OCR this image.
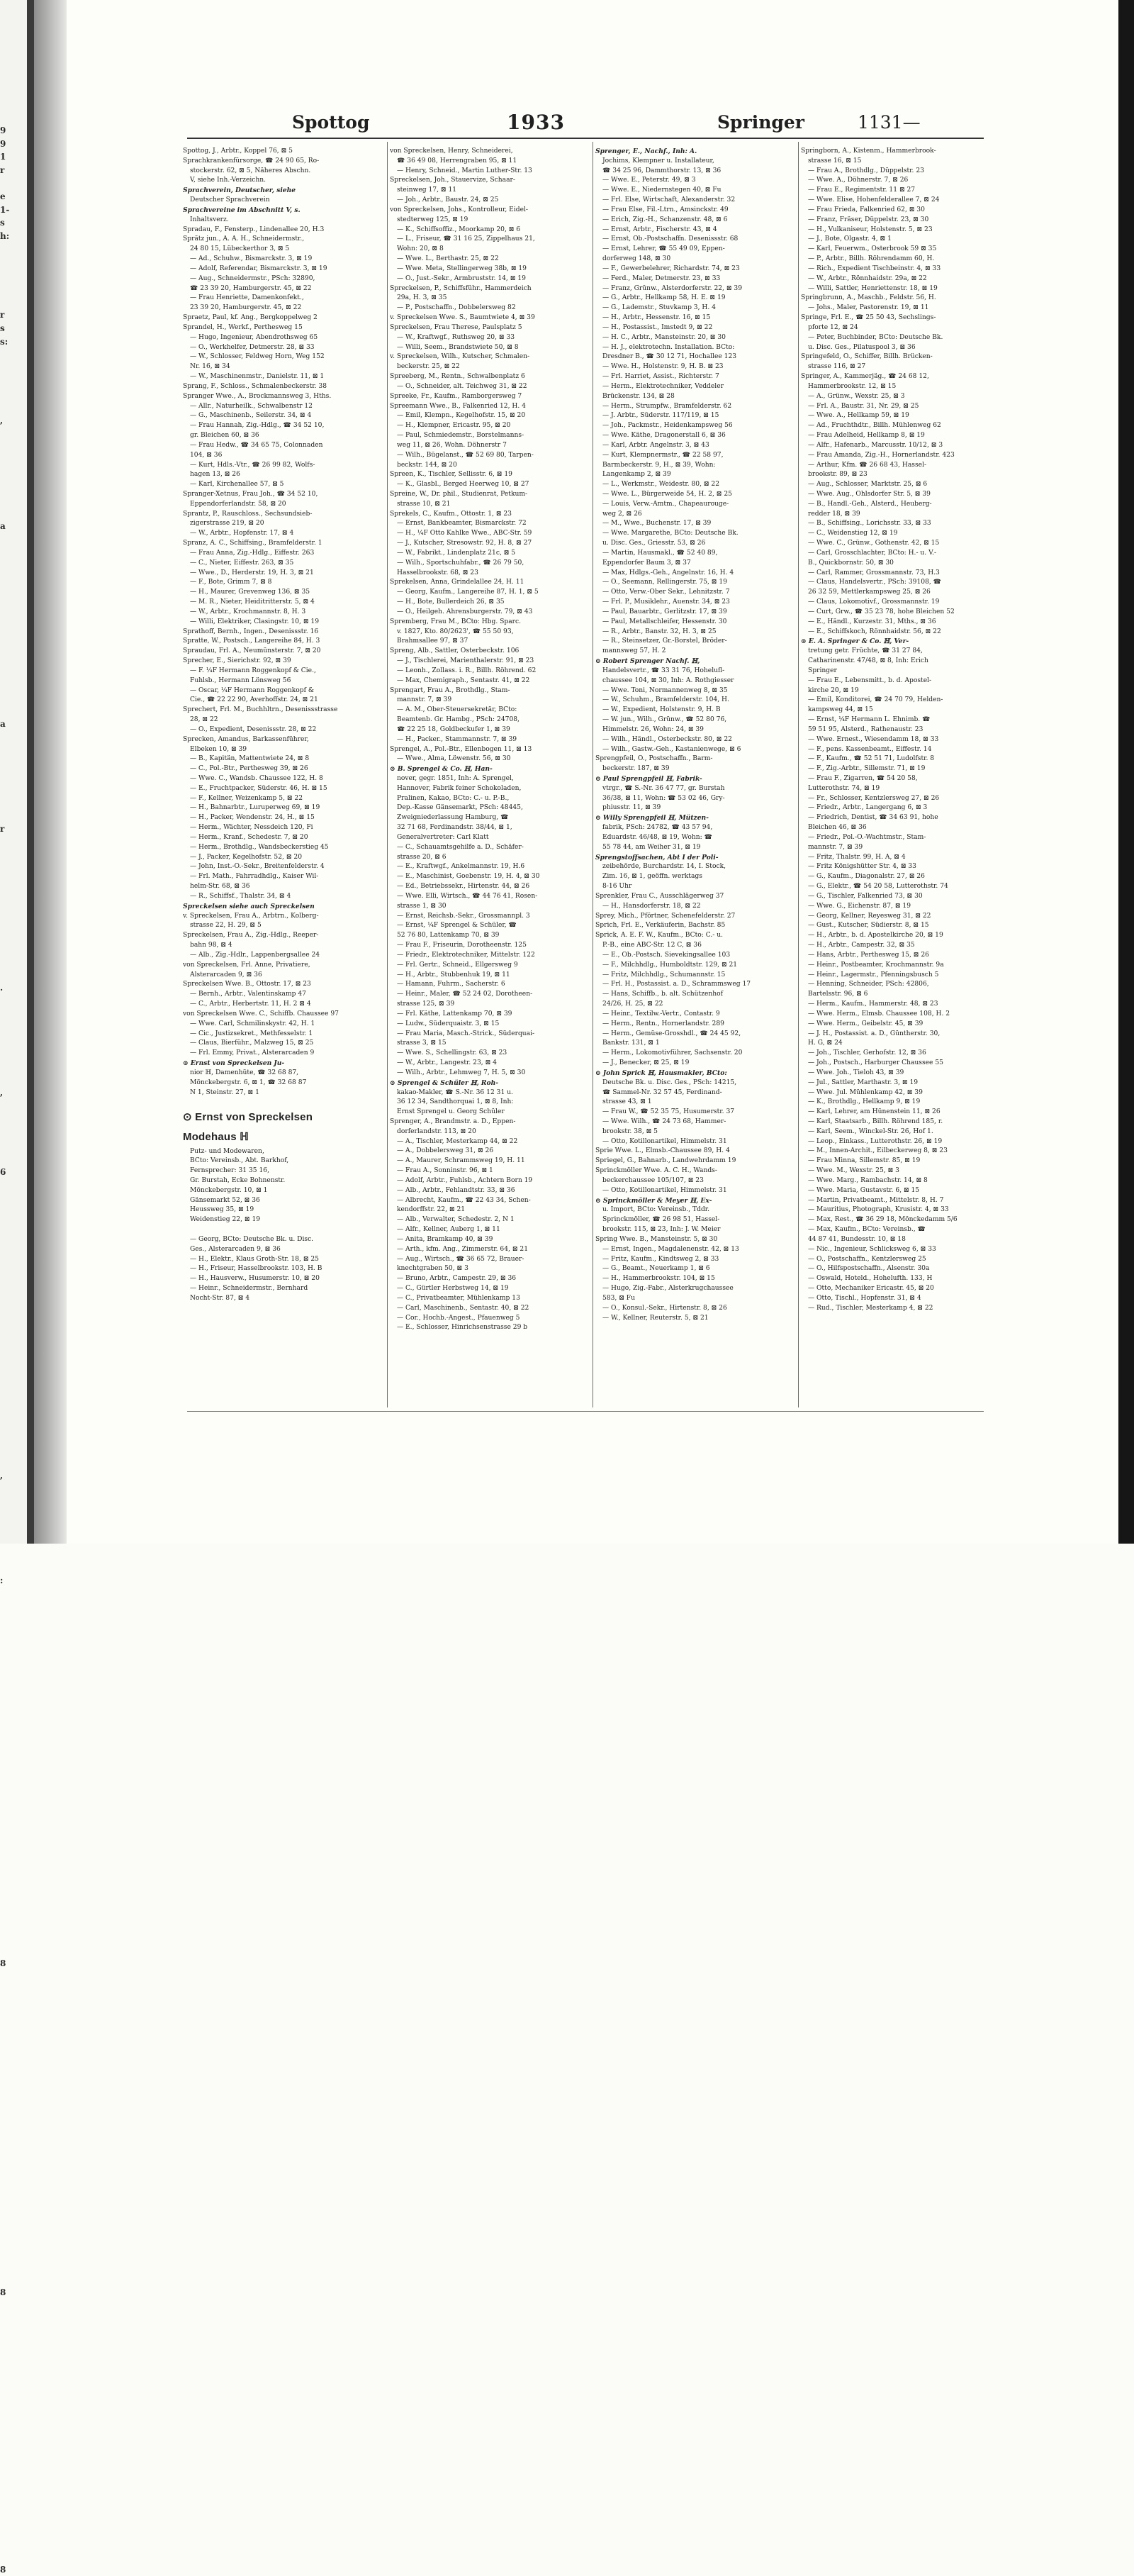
9
9
1
r
e
1-
s
h:
r
s
s:
,
a
a
r
.
,
6
,
:
8
8
8
Spottog	1933	Springer	1131—
Spottog, J., Arbtr., Koppel 76, ⊠ 5
Sprachkrankenfürsorge, ☎ 24 90 65, Ro-
stockerstr. 62, ⊠ 5, Näheres Abschn.
V, siehe Inh.-Verzeichn.
Sprachverein, Deutscher, siehe
Deutscher Sprachverein
Sprachvereine im Abschnitt V, s.
Inhaltsverz.
Spradau, F., Fensterp., Lindenallee 20, H.3
Sprätz jun., A. A. H., Schneidermstr.,
24 80 15, Lübeckerthor 3, ⊠ 5
— Ad., Schuhw., Bismarckstr. 3, ⊠ 19
— Adolf, Referendar, Bismarckstr. 3, ⊠ 19
— Aug., Schneidermstr., PSch: 32890,
☎ 23 39 20, Hamburgerstr. 45, ⊠ 22
— Frau Henriette, Damenkonfekt.,
23 39 20, Hamburgerstr. 45, ⊠ 22
Spraetz, Paul, kf. Ang., Bergkoppelweg 2
Sprandel, H., Werkf., Perthesweg 15
— Hugo, Ingenieur, Abendrothsweg 65
— O., Werkhelfer, Detmerstr. 28, ⊠ 33
— W., Schlosser, Feldweg Horn, Weg 152
Nr. 16, ⊠ 34
— W., Maschinenmstr., Danielstr. 11, ⊠ 1
Sprang, F., Schloss., Schmalenbeckerstr. 38
Spranger Wwe., A., Brockmannsweg 3, Hths.
— Allr., Naturheilk., Schwalbenstr 12
— G., Maschinenb., Seilerstr. 34, ⊠ 4
— Frau Hannah, Zig.-Hdlg., ☎ 34 52 10,
gr. Bleichen 60, ⊠ 36
— Frau Hedw., ☎ 34 65 75, Colonnaden
104, ⊠ 36
— Kurt, Hdls.-Vtr., ☎ 26 99 82, Wolfs-
hagen 13, ⊠ 26
— Karl, Kirchenallee 57, ⊠ 5
Spranger-Xetnus, Frau Joh., ☎ 34 52 10,
Eppendorferlandstr. 58, ⊠ 20
Sprantz, P., Rauschloss., Sechsundsieb-
zigerstrasse 219, ⊠ 20
— W., Arbtr., Hopfenstr. 17, ⊠ 4
Spranz, A. C., Schiffsing., Bramfelderstr. 1
— Frau Anna, Zig.-Hdlg., Eiffestr. 263
— C., Nieter, Eiffestr. 263, ⊠ 35
— Wwe., D., Herderstr. 19, H. 3, ⊠ 21
— F., Bote, Grimm 7, ⊠ 8
— H., Maurer, Grevenweg 136, ⊠ 35
— M. R., Nieter, Heiditritterstr. 5, ⊠ 4
— W., Arbtr., Krochmannstr. 8, H. 3
— Willi, Elektriker, Clasingstr. 10, ⊠ 19
Sprathoff, Bernh., Ingen., Desenissstr. 16
Spratte, W., Postsch., Langereihe 84, H. 3
Spraudau, Frl. A., Neumünsterstr. 7, ⊠ 20
Sprecher, E., Sierichstr. 92, ⊠ 39
— F. ¼F Hermann Roggenkopf & Cie.,
Fuhlsb., Hermann Lönsweg 56
— Oscar, ¼F Hermann Roggenkopf &
Cie., ☎ 22 22 90, Averhoffstr. 24, ⊠ 21
Sprechert, Frl. M., Buchhltrn., Desenissstrasse
28, ⊠ 22
— O., Expedient, Desenissstr. 28, ⊠ 22
Sprecken, Amandus, Barkassenführer,
Elbeken 10, ⊠ 39
— B., Kapitän, Mattentwiete 24, ⊠ 8
— C., Pol.-Btr., Perthesweg 39, ⊠ 26
— Wwe. C., Wandsb. Chaussee 122, H. 8
— E., Fruchtpacker, Süderstr. 46, H. ⊠ 15
— F., Kellner, Weizenkamp 5, ⊠ 22
— H., Bahnarbtr., Luruperweg 69, ⊠ 19
— H., Packer, Wendenstr. 24, H., ⊠ 15
— Herm., Wächter, Nessdeich 120, Fi
— Herm., Kranf., Schedestr. 7, ⊠ 20
— Herm., Brothdlg., Wandsbeckerstieg 45
— J., Packer, Kegelhofstr. 52, ⊠ 20
— John, Inst.-O.-Sekr., Breitenfelderstr. 4
— Frl. Math., Fahrradhdlg., Kaiser Wil-
helm-Str. 68, ⊠ 36
— R., Schiffsf., Thalstr. 34, ⊠ 4
Spreckelsen siehe auch Spreckelsen
v. Spreckelsen, Frau A., Arbtrn., Kolberg-
strasse 22, H. 29, ⊠ 5
Spreckelsen, Frau A., Zig.-Hdlg., Reeper-
bahn 98, ⊠ 4
— Alb., Zig.-Hdlr., Lappenbergsallee 24
von Spreckelsen, Frl. Anne, Privatiere,
Alsterarcaden 9, ⊠ 36
Spreckelsen Wwe. B., Ottostr. 17, ⊠ 23
— Bernh., Arbtr., Valentinskamp 47
— C., Arbtr., Herbertstr. 11, H. 2 ⊠ 4
von Spreckelsen Wwe. C., Schiffb. Chaussee 97
— Wwe. Carl, Schmilinskystr. 42, H. 1
— Cic., Justizsekret., Methfesselstr. 1
— Claus, Bierführ., Malzweg 15, ⊠ 25
— Frl. Emmy, Privat., Alsterarcaden 9
⊙ Ernst von Spreckelsen Ju-
nior ℍ, Damenhüte, ☎ 32 68 87,
Mönckebergstr. 6, ⊠ 1, ☎ 32 68 87
N 1, Steinstr. 27, ⊠ 1
⊙ Ernst von Spreckelsen
Modehaus ℍ
Putz- und Modewaren,
BCto: Vereinsb., Abt. Barkhof,
Fernsprecher: 31 35 16,
Gr. Burstah, Ecke Bohnenstr.
Mönckebergstr. 10, ⊠ 1
Gänsemarkt 52, ⊠ 36
Heussweg 35, ⊠ 19
Weidenstieg 22, ⊠ 19
— Georg, BCto: Deutsche Bk. u. Disc.
Ges., Alsterarcaden 9, ⊠ 36
— H., Elektr., Klaus Groth-Str. 18, ⊠ 25
— H., Friseur, Hasselbrookstr. 103, H. B
— H., Hausverw., Husumerstr. 10, ⊠ 20
— Heinr., Schneidermstr., Bernhard
Nocht-Str. 87, ⊠ 4
von Spreckelsen, Henry, Schneiderei,
☎ 36 49 08, Herrengraben 95, ⊠ 11
— Henry, Schneid., Martin Luther-Str. 13
Spreckelsen, Joh., Stauervize, Schaar-
steinweg 17, ⊠ 11
— Joh., Arbtr., Baustr. 24, ⊠ 25
von Spreckelsen, Johs., Kontrolleur, Eidel-
stedterweg 125, ⊠ 19
— K., Schiffsoffiz., Moorkamp 20, ⊠ 6
— L., Friseur, ☎ 31 16 25, Zippelhaus 21,
Wohn: 20, ⊠ 8
— Wwe. L., Berthastr. 25, ⊠ 22
— Wwe. Meta, Stellingerweg 38b, ⊠ 19
— O., Just.-Sekr., Armbruststr. 14, ⊠ 19
Spreckelsen, P., Schiffsführ., Hammerdeich
29a, H. 3, ⊠ 35
— P., Postschaffn., Dobbelersweg 82
v. Spreckelsen Wwe. S., Baumtwiete 4, ⊠ 39
Spreckelsen, Frau Therese, Paulsplatz 5
— W., Kraftwgf., Ruthsweg 20, ⊠ 33
— Willi, Seem., Brandstwiete 50, ⊠ 8
v. Spreckelsen, Wilh., Kutscher, Schmalen-
beckerstr. 25, ⊠ 22
Spreeberg, M., Rentn., Schwalbenplatz 6
— O., Schneider, alt. Teichweg 31, ⊠ 22
Spreeke, Fr., Kaufm., Ramborgersweg 7
Spreemann Wwe., B., Falkenried 12, H. 4
— Emil, Klempn., Kegelhofstr. 15, ⊠ 20
— H., Klempner, Ericastr. 95, ⊠ 20
— Paul, Schmiedemstr., Borstelmanns-
weg 11, ⊠ 26, Wohn. Döhnerstr 7
— Wilh., Bügelanst., ☎ 52 69 80, Tarpen-
beckstr. 144, ⊠ 20
Spreen, K., Tischler, Sellisstr. 6, ⊠ 19
— K., Glasbl., Berged Heerweg 10, ⊠ 27
Spreine, W., Dr. phil., Studienrat, Petkum-
strasse 10, ⊠ 21
Sprekels, C., Kaufm., Ottostr. 1, ⊠ 23
— Ernst, Bankbeamter, Bismarckstr. 72
— H., ¼F Otto Kahlke Wwe., ABC-Str. 59
— J., Kutscher, Stresowstr. 92, H. 8, ⊠ 27
— W., Fabrikt., Lindenplatz 21c, ⊠ 5
— Wilh., Sportschuhfabr., ☎ 26 79 50,
Hasselbrookstr. 68, ⊠ 23
Sprekelsen, Anna, Grindelallee 24, H. 11
— Georg, Kaufm., Langereihe 87, H. 1, ⊠ 5
— H., Bote, Bullerdeich 26, ⊠ 35
— O., Heilgeh. Ahrensburgerstr. 79, ⊠ 43
Spremberg, Frau M., BCto: Hbg. Sparc.
v. 1827, Kto. 80/2623', ☎ 55 50 93,
Brahmsallee 97, ⊠ 37
Spreng, Alb., Sattler, Osterbeckstr. 106
— J., Tischlerei, Marienthalerstr. 91, ⊠ 23
— Leonh., Zollass. i. R., Billh. Röhrend. 62
— Max, Chemigraph., Sentastr. 41, ⊠ 22
Sprengart, Frau A., Brothdlg., Stam-
mannstr. 7, ⊠ 39
— A. M., Ober-Steuersekretär, BCto:
Beamtenb. Gr. Hambg., PSch: 24708,
☎ 22 25 18, Goldbeckufer 1, ⊠ 39
— H., Packer., Stammannstr. 7, ⊠ 39
Sprengel, A., Pol.-Btr., Ellenbogen 11, ⊠ 13
— Wwe., Alma, Löwenstr. 56, ⊠ 30
⊙ B. Sprengel & Co. ℍ, Han-
nover, gegr. 1851, Inh: A. Sprengel,
Hannover, Fabrik feiner Schokoladen,
Pralinen, Kakao, BCto: C.- u. P.-B.,
Dep.-Kasse Gänsemarkt, PSch: 48445,
Zweigniederlassung Hamburg, ☎
32 71 68, Ferdinandstr. 38/44, ⊠ 1,
Generalvertreter: Carl Klatt
— C., Schauamtsgehilfe a. D., Schäfer-
strasse 20, ⊠ 6
— E., Kraftwgf., Ankelmannstr. 19, H.6
— E., Maschinist, Goebenstr. 19, H. 4, ⊠ 30
— Ed., Betriebssekr., Hirtenstr. 44, ⊠ 26
— Wwe. Elli, Wirtsch., ☎ 44 76 41, Rosen-
strasse 1, ⊠ 30
— Ernst, Reichsb.-Sekr., Grossmannpl. 3
— Ernst, ¼F Sprengel & Schüler, ☎
52 76 80, Lattenkamp 70, ⊠ 39
— Frau F., Friseurin, Dorotheenstr. 125
— Friedr., Elektrotechniker, Mittelstr. 122
— Frl. Gertr., Schneid., Ellgersweg 9
— H., Arbtr., Stubbenhuk 19, ⊠ 11
— Hamann, Fuhrm., Sacherstr. 6
— Heinr., Maler, ☎ 52 24 02, Dorotheen-
strasse 125, ⊠ 39
— Frl. Käthe, Lattenkamp 70, ⊠ 39
— Ludw., Süderquaistr. 3, ⊠ 15
— Frau Maria, Masch.-Strick., Süderquai-
strasse 3, ⊠ 15
— Wwe. S., Schellingstr. 63, ⊠ 23
— W., Arbtr., Langestr. 23, ⊠ 4
— Wilh., Arbtr., Lehmweg 7, H. 5, ⊠ 30
⊙ Sprengel & Schüler ℍ, Roh-
kakao-Makler, ☎ S.-Nr. 36 12 31 u.
36 12 34, Sandthorquai 1, ⊠ 8, Inh:
Ernst Sprengel u. Georg Schüler
Sprenger, A., Brandmstr. a. D., Eppen-
dorferlandstr. 113, ⊠ 20
— A., Tischler, Mesterkamp 44, ⊠ 22
— A., Dobbelersweg 31, ⊠ 26
— A., Maurer, Schrammsweg 19, H. 11
— Frau A., Sonninstr. 96, ⊠ 1
— Adolf, Arbtr., Fuhlsb., Achtern Born 19
— Alb., Arbtr., Fehlandtstr. 33, ⊠ 36
— Albrecht, Kaufm., ☎ 22 43 34, Schen-
kendorffstr. 22, ⊠ 21
— Alb., Verwalter, Schedestr. 2, N 1
— Alfr., Kellner, Auberg 1, ⊠ 11
— Anita, Bramkamp 40, ⊠ 39
— Arth., kfm. Ang., Zimmerstr. 64, ⊠ 21
— Aug., Wirtsch., ☎ 36 65 72, Brauer-
knechtgraben 50, ⊠ 3
— Bruno, Arbtr., Campestr. 29, ⊠ 36
— C., Gürtler Herbstweg 14, ⊠ 19
— C., Privatbeamter, Mühlenkamp 13
— Carl, Maschinenb., Sentastr. 40, ⊠ 22
— Cor., Hochb.-Angest., Pfauenweg 5
— E., Schlosser, Hinrichsenstrasse 29 b
Sprenger, E., Nachf., Inh: A.
Jochims, Klempner u. Installateur,
☎ 34 25 96, Dammthorstr. 13, ⊠ 36
— Wwe. E., Peterstr. 49, ⊠ 3
— Wwe. E., Niedernstegen 40, ⊠ Fu
— Frl. Else, Wirtschaft, Alexanderstr. 32
— Frau Else, Fil.-Ltrn., Amsinckstr. 49
— Erich, Zig.-H., Schanzenstr. 48, ⊠ 6
— Ernst, Arbtr., Fischerstr. 43, ⊠ 4
— Ernst, Ob.-Postschaffn. Desenissstr. 68
— Ernst, Lehrer, ☎ 55 49 09, Eppen-
dorferweg 148, ⊠ 30
— F., Gewerbelehrer, Richardstr. 74, ⊠ 23
— Ferd., Maler, Detmerstr. 23, ⊠ 33
— Franz, Grünw., Alsterdorferstr. 22, ⊠ 39
— G., Arbtr., Hellkamp 58, H. E. ⊠ 19
— G., Lademstr., Stuvkamp 3, H. 4
— H., Arbtr., Hessenstr. 16, ⊠ 15
— H., Postassist., Imstedt 9, ⊠ 22
— H. C., Arbtr., Mansteinstr. 20, ⊠ 30
— H. J., elektrotechn. Installation. BCto:
Dresdner B., ☎ 30 12 71, Hochallee 123
— Wwe. H., Holstenstr. 9, H. B. ⊠ 23
— Frl. Harriet, Assist., Richterstr. 7
— Herm., Elektrotechniker, Veddeler
Brückenstr. 134, ⊠ 28
— Herm., Strumpfw., Bramfelderstr. 62
— J. Arbtr., Süderstr. 117/119, ⊠ 15
— Joh., Packmstr., Heidenkampsweg 56
— Wwe. Käthe, Dragonerstall 6, ⊠ 36
— Karl, Arbtr. Angelnstr. 3, ⊠ 43
— Kurt, Klempnermstr., ☎ 22 58 97,
Barmbeckerstr. 9, H., ⊠ 39, Wohn:
Langenkamp 2, ⊠ 39
— L., Werkmstr., Weidestr. 80, ⊠ 22
— Wwe. L., Bürgerweide 54, H. 2, ⊠ 25
— Louis, Verw.-Amtm., Chapeaurouge-
weg 2, ⊠ 26
— M., Wwe., Buchenstr. 17, ⊠ 39
— Wwe. Margarethe, BCto: Deutsche Bk.
u. Disc. Ges., Griesstr. 53, ⊠ 26
— Martin, Hausmakl., ☎ 52 40 89,
Eppendorfer Baum 3, ⊠ 37
— Max, Hdlgs.-Geh., Angelnstr. 16, H. 4
— O., Seemann, Rellingerstr. 75, ⊠ 19
— Otto, Verw.-Ober Sekr., Lehnitzstr. 7
— Frl. P., Musiklehr., Auenstr. 34, ⊠ 23
— Paul, Bauarbtr., Gerlitzstr. 17, ⊠ 39
— Paul, Metallschleifer, Hessenstr. 30
— R., Arbtr., Banstr. 32, H. 3, ⊠ 25
— R., Steinsetzer, Gr.-Borstel, Bröder-
mannsweg 57, H. 2
⊙ Robert Sprenger Nachf. ℍ,
Handelsvertr., ☎ 33 31 76, Hohelufl-
chaussee 104, ⊠ 30, Inh: A. Rothgiesser
— Wwe. Toni, Normannenweg 8, ⊠ 35
— W., Schuhm., Bramfelderstr. 104, H.
— W., Expedient, Holstenstr. 9, H. B
— W. jun., Wilh., Grünw., ☎ 52 80 76,
Himmelstr. 26, Wohn: 24, ⊠ 39
— Wilh., Händl., Osterbeckstr. 80, ⊠ 22
— Wilh., Gastw.-Geh., Kastanienwege, ⊠ 6
Sprengpfeil, O., Postschaffn., Barm-
beckerstr. 187, ⊠ 39
⊙ Paul Sprengpfeil ℍ, Fabrik-
vtrgr., ☎ S.-Nr. 36 47 77, gr. Burstah
36/38, ⊠ 11, Wohn: ☎ 53 02 46, Gry-
phiusstr. 11, ⊠ 39
⊙ Willy Sprengpfeil ℍ, Mützen-
fabrik, PSch: 24782, ☎ 43 57 94,
Eduardstr. 46/48, ⊠ 19, Wohn: ☎
55 78 44, am Weiher 31, ⊠ 19
Sprengstoffsachen, Abt I der Poli-
zeibehörde, Burchardstr. 14, I. Stock,
Zim. 16, ⊠ 1, geöffn. werktags
8-16 Uhr
Sprenkler, Frau C., Ausschlägerweg 37
— H., Hansdorferstr. 18, ⊠ 22
Sprey, Mich., Pförtner, Schenefelderstr. 27
Sprich, Frl. E., Verkäuferin, Bachstr. 85
Sprick, A. E. F. W., Kaufm., BCto: C.- u.
P.-B., eine ABC-Str. 12 C, ⊠ 36
— E., Ob.-Postsch. Sievekingsallee 103
— F., Milchhdlg., Humboldtstr. 129, ⊠ 21
— Fritz, Milchhdlg., Schumannstr. 15
— Frl. H., Postassist. a. D., Schrammsweg 17
— Hans, Schiffb., b. alt. Schützenhof
24/26, H. 25, ⊠ 22
— Heinr., Textilw.-Vertr., Contastr. 9
— Herm., Rentn., Hornerlandstr. 289
— Herm., Gemüse-Grosshdl., ☎ 24 45 92,
Bankstr. 131, ⊠ 1
— Herm., Lokomotivführer, Sachsenstr. 20
— J., Benecker, ⊠ 25, ⊠ 19
⊙ John Sprick ℍ, Hausmakler, BCto:
Deutsche Bk. u. Disc. Ges., PSch: 14215,
☎ Sammel-Nr. 32 57 45, Ferdinand-
strasse 43, ⊠ 1
— Frau W., ☎ 52 35 75, Husumerstr. 37
— Wwe. Wilh., ☎ 24 73 68, Hammer-
brookstr. 38, ⊠ 5
— Otto, Kotillonartikel, Himmelstr. 31
Sprie Wwe. L., Elmsb.-Chaussee 89, H. 4
Spriegel, G., Bahnarb., Landwehrdamm 19
Sprinckmöller Wwe. A. C. H., Wands-
beckerchaussee 105/107, ⊠ 23
— Otto, Kotillonartikel, Himmelstr. 31
⊙ Sprinckmöller & Meyer ℍ, Ex-
u. Import, BCto: Vereinsb., Tddr.
Sprinckmöller, ☎ 26 98 51, Hassel-
brookstr. 115, ⊠ 23, Inh: J. W. Meier
Spring Wwe. B., Mansteinstr. 5, ⊠ 30
— Ernst, Ingen., Magdalenenstr. 42, ⊠ 13
— Fritz, Kaufm., Kindtsweg 2, ⊠ 33
— G., Beamt., Neuerkamp 1, ⊠ 6
— H., Hammerbrookstr. 104, ⊠ 15
— Hugo, Zig.-Fabr., Alsterkrugchaussee
583, ⊠ Fu
— O., Konsul.-Sekr., Hirtenstr. 8, ⊠ 26
— W., Kellner, Reuterstr. 5, ⊠ 21
Springborn, A., Kistenm., Hammerbrook-
strasse 16, ⊠ 15
— Frau A., Brothdlg., Düppelstr. 23
— Wwe. A., Döhnerstr. 7, ⊠ 26
— Frau E., Regimentstr. 11 ⊠ 27
— Wwe. Elise, Hohenfelderallee 7, ⊠ 24
— Frau Frieda, Falkenried 62, ⊠ 30
— Franz, Fräser, Düppelstr. 23, ⊠ 30
— H., Vulkaniseur, Holstenstr. 5, ⊠ 23
— J., Bote, Olgastr. 4, ⊠ 1
— Karl, Feuerwm., Osterbrook 59 ⊠ 35
— P., Arbtr., Billh. Röhrendamm 60, H.
— Rich., Expedient Tischbeinstr. 4, ⊠ 33
— W., Arbtr., Rönnhaidstr. 29a, ⊠ 22
— Willi, Sattler, Henriettenstr. 18, ⊠ 19
Springbrunn, A., Maschb., Feldstr. 56, H.
— Johs., Maler, Pastorenstr. 19, ⊠ 11
Springe, Frl. E., ☎ 25 50 43, Sechslings-
pforte 12, ⊠ 24
— Peter, Buchbinder, BCto: Deutsche Bk.
u. Disc. Ges., Pilatuspool 3, ⊠ 36
Springefeld, O., Schiffer, Billh. Brücken-
strasse 116, ⊠ 27
Springer, A., Kammerjäg., ☎ 24 68 12,
Hammerbrookstr. 12, ⊠ 15
— A., Grünw., Wexstr. 25, ⊠ 3
— Frl. A., Baustr. 31, Nr. 29, ⊠ 25
— Wwe. A., Hellkamp 59, ⊠ 19
— Ad., Fruchthdtr., Billh. Mühlenweg 62
— Frau Adelheid, Hellkamp 8, ⊠ 19
— Alfr., Hafenarb., Marcusstr. 10/12, ⊠ 3
— Frau Amanda, Zig.-H., Hornerlandstr. 423
— Arthur, Kfm. ☎ 26 68 43, Hassel-
brookstr. 89, ⊠ 23
— Aug., Schlosser, Marktstr. 25, ⊠ 6
— Wwe. Aug., Ohlsdorfer Str. 5, ⊠ 39
— B., Handl.-Geh., Alsterd., Heuberg-
redder 18, ⊠ 39
— B., Schiffsing., Lorichsstr. 33, ⊠ 33
— C., Weidenstieg 12, ⊠ 19
— Wwe. C., Grünw., Gothenstr. 42, ⊠ 15
— Carl, Grosschlachter, BCto: H.- u. V.-
B., Quickbornstr. 50, ⊠ 30
— Carl, Rammer, Grossmannstr. 73, H.3
— Claus, Handelsvertr., PSch: 39108, ☎
26 32 59, Mettlerkampsweg 25, ⊠ 26
— Claus, Lokomotivf., Grossmannstr. 19
— Curt, Grw., ☎ 35 23 78, hohe Bleichen 52
— E., Händl., Kurzestr. 31, Mths., ⊠ 36
— E., Schiffskoch, Rönnhaidstr. 56, ⊠ 22
⊙ E. A. Springer & Co. ℍ, Ver-
tretung getr. Früchte, ☎ 31 27 84,
Catharinenstr. 47/48, ⊠ 8, Inh: Erich
Springer
— Frau E., Lebensmitt., b. d. Apostel-
kirche 20, ⊠ 19
— Emil, Konditorei, ☎ 24 70 79, Helden-
kampsweg 44, ⊠ 15
— Ernst, ¼F Hermann L. Ehnimb. ☎
59 51 95, Alsterd., Rathenaustr. 23
— Wwe. Ernest., Wiesendamm 18, ⊠ 33
— F., pens. Kassenbeamt., Eiffestr. 14
— F., Kaufm., ☎ 52 51 71, Ludolfstr. 8
— F., Zig.-Arbtr., Sillemstr. 71, ⊠ 19
— Frau F., Zigarren, ☎ 54 20 58,
Lutterothstr. 74, ⊠ 19
— Fr., Schlosser, Kentzlersweg 27, ⊠ 26
— Friedr., Arbtr., Langergang 6, ⊠ 3
— Friedrich, Dentist, ☎ 34 63 91, hohe
Bleichen 46, ⊠ 36
— Friedr., Pol.-O.-Wachtmstr., Stam-
mannstr. 7, ⊠ 39
— Fritz, Thalstr. 99, H. A, ⊠ 4
— Fritz Königshütter Str. 4, ⊠ 33
— G., Kaufm., Diagonalstr. 27, ⊠ 26
— G., Elektr., ☎ 54 20 58, Lutterothstr. 74
— G., Tischler, Falkenried 73, ⊠ 30
— Wwe. G., Eichenstr. 87, ⊠ 19
— Georg, Kellner, Reyesweg 31, ⊠ 22
— Gust., Kutscher, Südierstr. 8, ⊠ 15
— H., Arbtr., b. d. Apostelkirche 20, ⊠ 19
— H., Arbtr., Campestr. 32, ⊠ 35
— Hans, Arbtr., Perthesweg 15, ⊠ 26
— Heinr., Postbeamter, Krochmannstr. 9a
— Heinr., Lagermstr., Pfenningsbusch 5
— Henning, Schneider, PSch: 42806,
Bartelsstr. 96, ⊠ 6
— Herm., Kaufm., Hammerstr. 48, ⊠ 23
— Wwe. Herm., Elmsb. Chaussee 108, H. 2
— Wwe. Herm., Geibelstr. 45, ⊠ 39
— J. H., Postassist. a. D., Güntherstr. 30,
H. G, ⊠ 24
— Joh., Tischler, Gerhofstr. 12, ⊠ 36
— Joh., Postsch., Harburger Chaussee 55
— Wwe. Joh., Tieloh 43, ⊠ 39
— Jul., Sattler, Marthastr. 3, ⊠ 19
— Wwe. Jul. Mühlenkamp 42, ⊠ 39
— K., Brothdlg., Hellkamp 9, ⊠ 19
— Karl, Lehrer, am Hünenstein 11, ⊠ 26
— Karl, Staatsarb., Billh. Röhrend 185, r.
— Karl, Seem., Winckel-Str. 26, Hof 1.
— Leop., Einkass., Lutterothstr. 26, ⊠ 19
— M., Innen-Archit., Eilbeckerweg 8, ⊠ 23
— Frau Minna, Sillemstr. 85, ⊠ 19
— Wwe. M., Wexstr. 25, ⊠ 3
— Wwe. Marg., Rambachstr. 14, ⊠ 8
— Wwe. Maria, Gustavstr. 6, ⊠ 15
— Martin, Privatbeamt., Mittelstr. 8, H. 7
— Mauritius, Photograph, Krusistr. 4, ⊠ 33
— Max, Rest., ☎ 36 29 18, Mönckedamm 5/6
— Max, Kaufm., BCto: Vereinsb., ☎
44 87 41, Bundesstr. 10, ⊠ 18
— Nic., Ingenieur, Schlicksweg 6, ⊠ 33
— O., Postschaffn., Kentzlersweg 25
— O., Hilfspostschaffn., Alsenstr. 30a
— Oswald, Hoteld., Hohelufth. 133, H
— Otto, Mechaniker Ericastr. 45, ⊠ 20
— Otto, Tischl., Hopfenstr. 31, ⊠ 4
— Rud., Tischler, Mesterkamp 4, ⊠ 22
